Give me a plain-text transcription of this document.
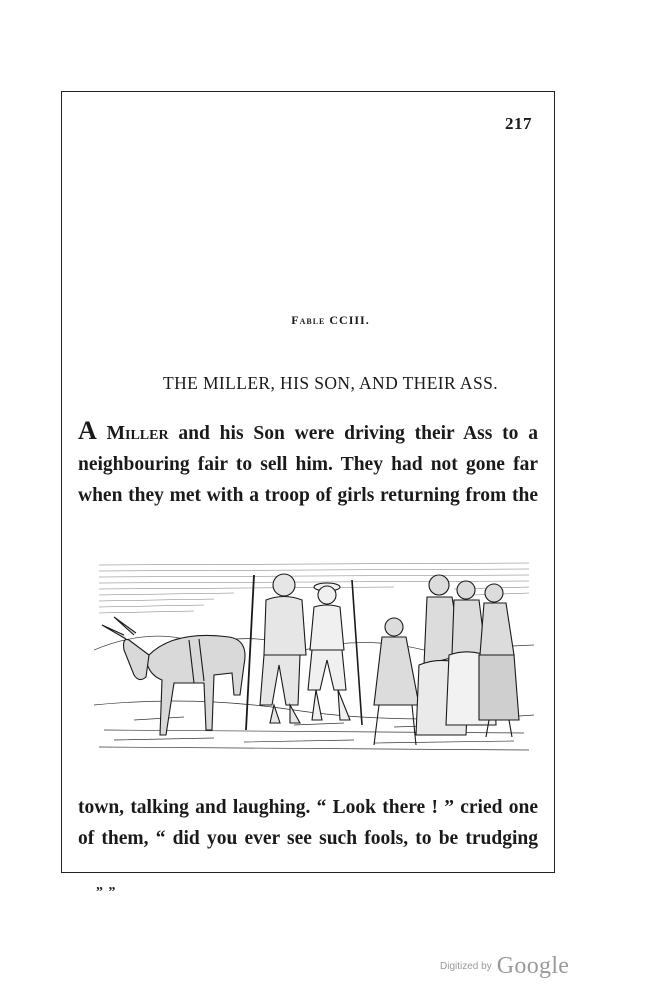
217
Fable CCIII.
THE MILLER, HIS SON, AND THEIR ASS.
A Miller and his Son were driving their Ass to a
neighbouring fair to sell him. They had not gone far
when they met with a troop of girls returning from the
town, talking and laughing. “ Look there ! ” cried one
of them, “ did you ever see such fools, to be trudging
„ „
Digitized by Google
